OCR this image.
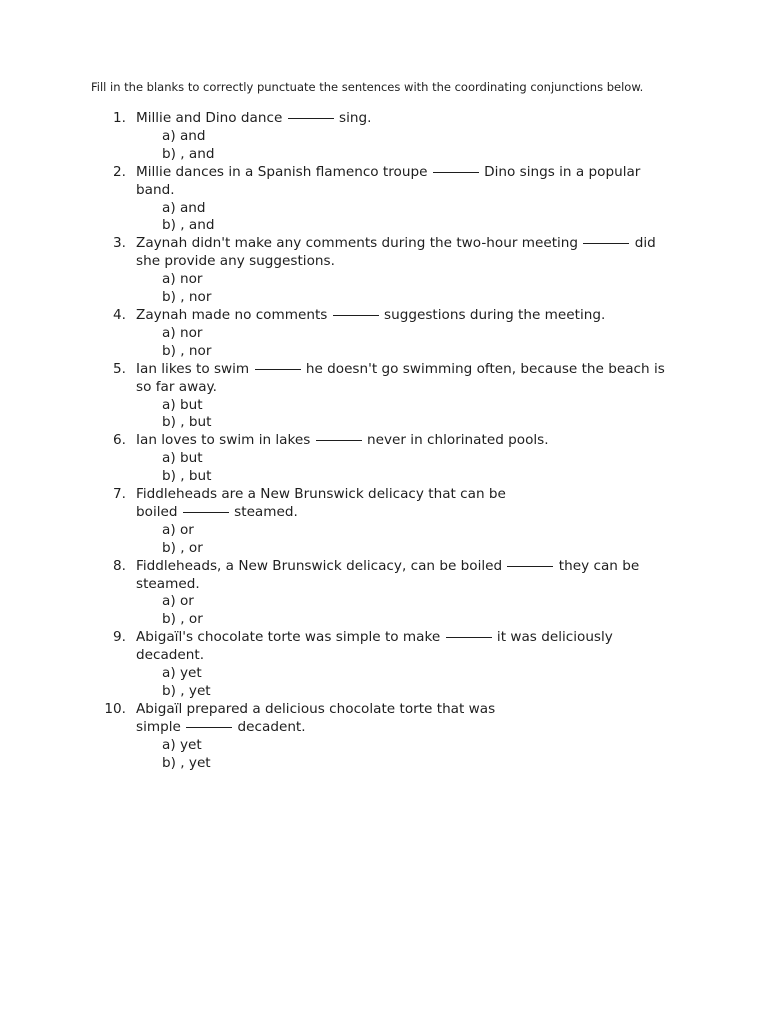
Fill in the blanks to correctly punctuate the sentences with the coordinating conjunctions below.
1. Millie and Dino dance	sing.
a) and
b) , and
2. Millie dances in a Spanish flamenco troupe	Dino sings in a popular band.
a) and
b) , and
3. Zaynah didn't make any comments during the two-hour meeting	did she provide any suggestions.
a) nor
b) , nor
4. Zaynah made no comments	suggestions during the meeting.
a) nor
b) , nor
5. Ian likes to swim	he doesn't go swimming often, because the beach is so far away.
a) but
b) , but
6. Ian loves to swim in lakes	never in chlorinated pools.
a) but
b) , but
7. Fiddleheads are a New Brunswick delicacy that can be
boiled	steamed.
a) or
b) , or
8. Fiddleheads, a New Brunswick delicacy, can be boiled	they can be steamed.
a) or
b) , or
9. Abigaïl's chocolate torte was simple to make	it was deliciously decadent.
a) yet
b) , yet
10. Abigaïl prepared a delicious chocolate torte that was
simple	decadent.
a) yet
b) , yet
